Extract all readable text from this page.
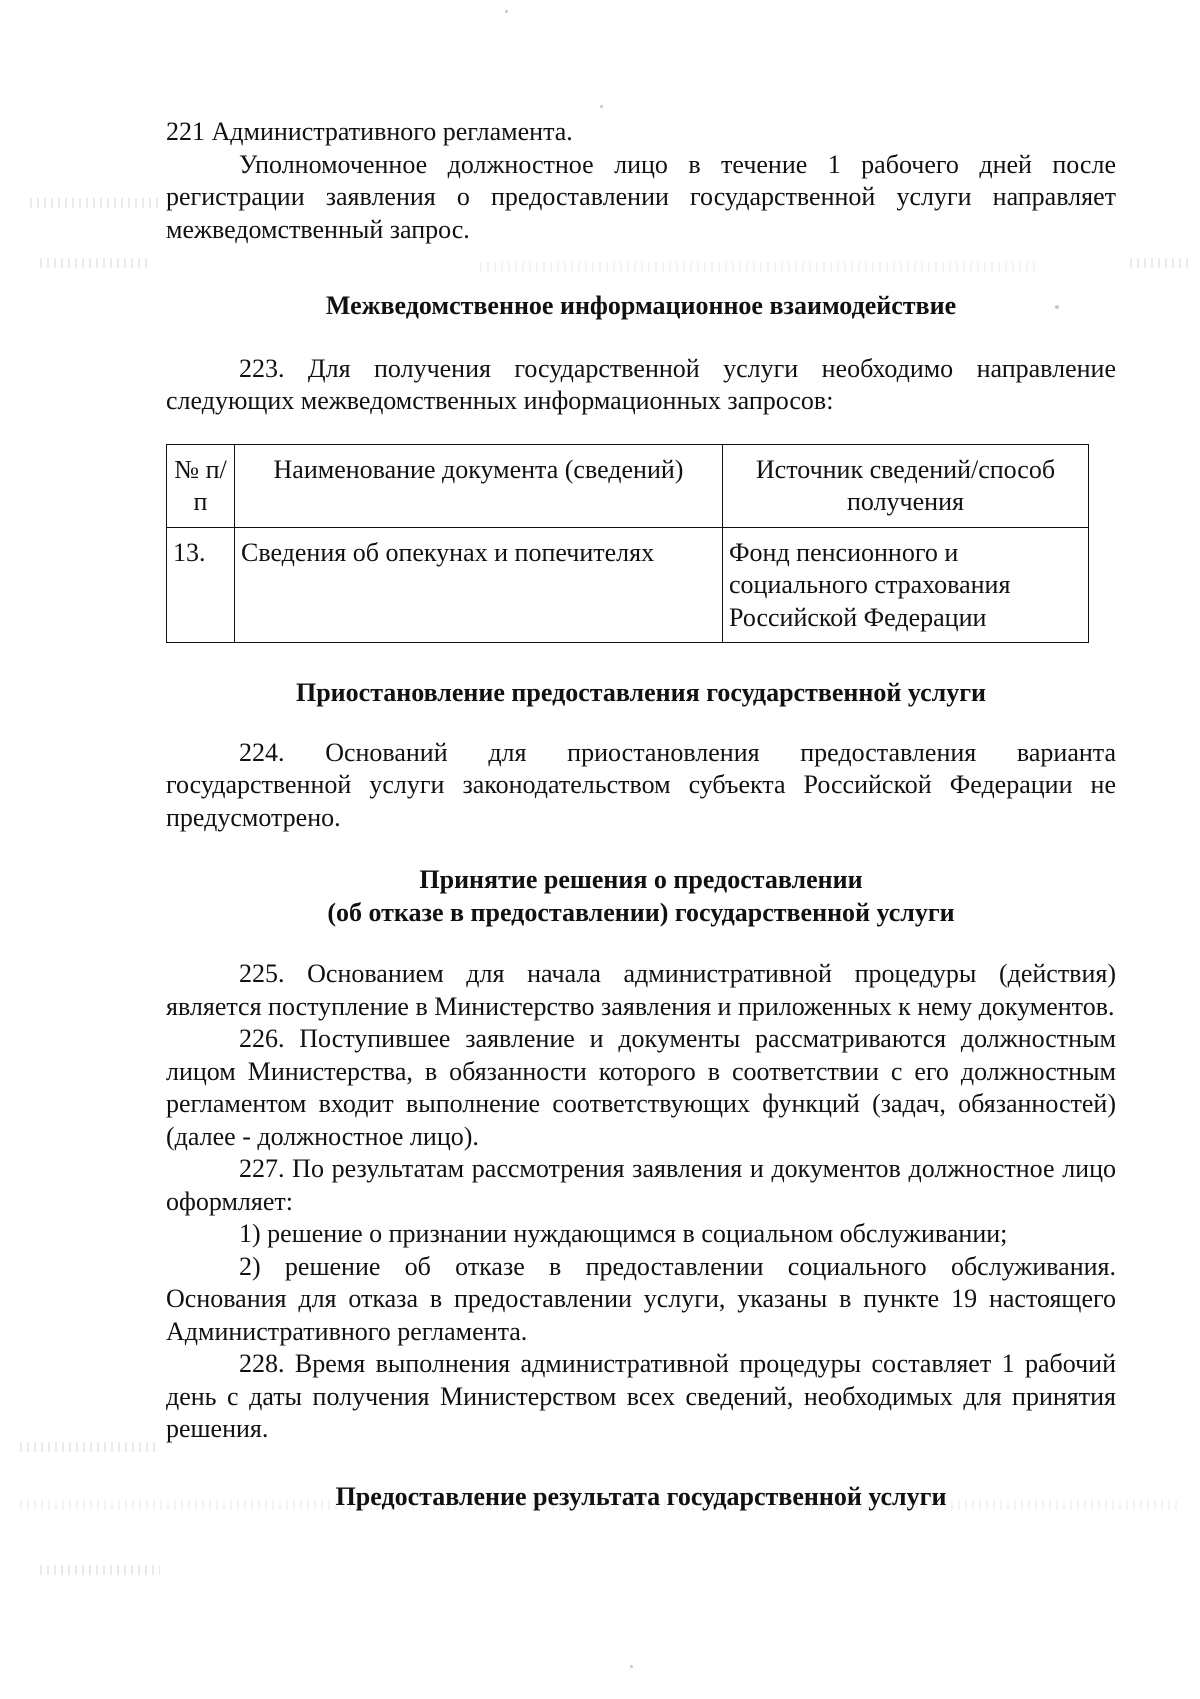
221 Административного регламента.

Уполномоченное должностное лицо в течение 1 рабочего дней после регистрации заявления о предоставлении государственной услуги направляет межведомственный запрос.

Межведомственное информационное взаимодействие

223. Для получения государственной услуги необходимо направление следующих межведомственных информационных запросов:

№ п/п	Наименование документа (сведений)	Источник сведений/способ получения
13.	Сведения об опекунах и попечителях	Фонд пенсионного и социального страхования Российской Федерации
Приостановление предоставления государственной услуги

224. Оснований для приостановления предоставления варианта государственной услуги законодательством субъекта Российской Федерации не предусмотрено.

Принятие решения о предоставлении
(об отказе в предоставлении) государственной услуги

225. Основанием для начала административной процедуры (действия) является поступление в Министерство заявления и приложенных к нему документов.

226. Поступившее заявление и документы рассматриваются должностным лицом Министерства, в обязанности которого в соответствии с его должностным регламентом входит выполнение соответствующих функций (задач, обязанностей) (далее - должностное лицо).

227. По результатам рассмотрения заявления и документов должностное лицо оформляет:

1) решение о признании нуждающимся в социальном обслуживании;

2) решение об отказе в предоставлении социального обслуживания. Основания для отказа в предоставлении услуги, указаны в пункте 19 настоящего Административного регламента.

228. Время выполнения административной процедуры составляет 1 рабочий день с даты получения Министерством всех сведений, необходимых для принятия решения.

Предоставление результата государственной услуги
